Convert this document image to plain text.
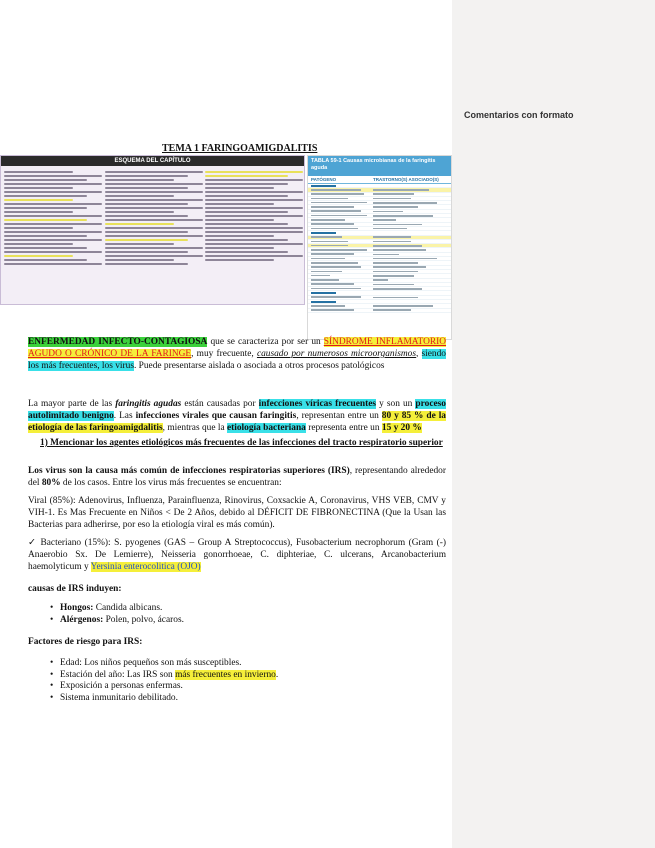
Comentarios con formato
TEMA 1 FARINGOAMIGDALITIS
ESQUEMA DEL CAPÍTULO	TABLA 59-1 Causas microbianas de la faringitis aguda
PATÓGENO	TRASTORNO(S) ASOCIADO(S)
ENFERMEDAD INFECTO-CONTAGIOSA que se caracteriza por ser un SÍNDROME INFLAMATORIO AGUDO O CRÓNICO DE LA FARINGE, muy frecuente, causado por numerosos microorganismos, siendo los más frecuentes, los virus. Puede presentarse aislada o asociada a otros procesos patológicos
La mayor parte de las faringitis agudas están causadas por infecciones víricas frecuentes y son un proceso autolimitado benigno. Las infecciones virales que causan faringitis, representan entre un 80 y 85 % de la etiología de las faringoamigdalitis, mientras que la etiología bacteriana representa entre un 15 y 20 %
1) Mencionar los agentes etiológicos más frecuentes de las infecciones del tracto respiratorio superior
Los virus son la causa más común de infecciones respiratorias superiores (IRS), representando alrededor del 80% de los casos. Entre los virus más frecuentes se encuentran:
Viral (85%): Adenovirus, Influenza, Parainfluenza, Rinovirus, Coxsackie A, Coronavirus, VHS VEB, CMV y VIH-1. Es Mas Frecuente en Niños < De 2 Años, debido al DÉFICIT DE FIBRONECTINA (Que la Usan las Bacterias para adherirse, por eso la etiología viral es más común).
✓ Bacteriano (15%): S. pyogenes (GAS – Group A Streptococcus), Fusobacterium necrophorum (Gram (-) Anaerobio Sx. De Lemierre), Neisseria gonorrhoeae, C. diphteriae, C. ulcerans, Arcanobacterium haemolyticum y Yersinia enterocolitica (OJO)
causas de IRS induyen:
• Hongos: Candida albicans.
• Alérgenos: Polen, polvo, ácaros.
Factores de riesgo para IRS:
• Edad: Los niños pequeños son más susceptibles.
• Estación del año: Las IRS son más frecuentes en invierno.
• Exposición a personas enfermas.
• Sistema inmunitario debilitado.
